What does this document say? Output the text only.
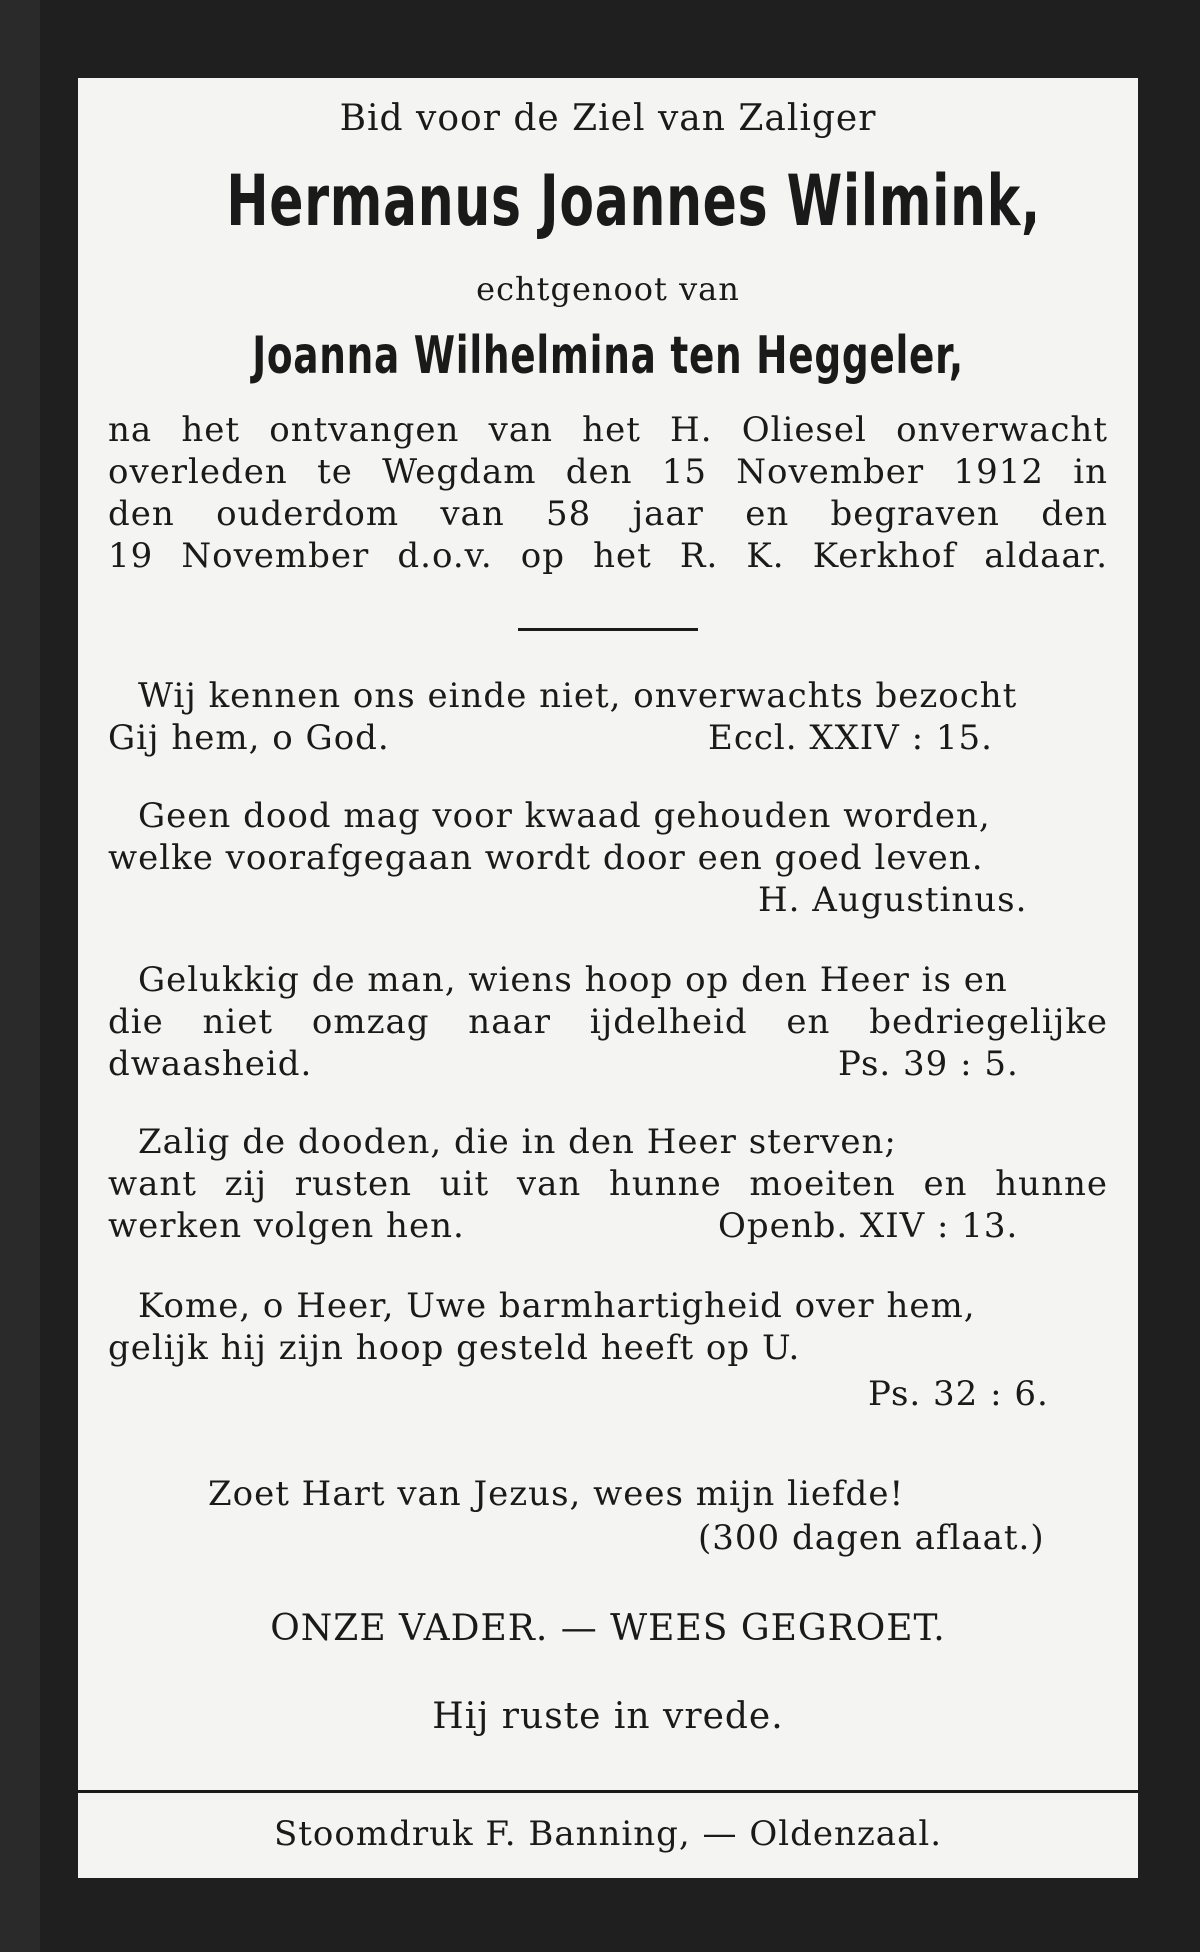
Bid voor de Ziel van Zaliger
Hermanus Joannes Wilmink,
echtgenoot van
Joanna Wilhelmina ten Heggeler,
na het ontvangen van het H. Oliesel onverwacht
overleden te Wegdam den 15 November 1912 in
den ouderdom van 58 jaar en begraven den
19 November d.o.v. op het R. K. Kerkhof aldaar.
Wij kennen ons einde niet, onverwachts bezocht
Gij hem, o God.	Eccl. XXIV : 15.
Geen dood mag voor kwaad gehouden worden,
welke voorafgegaan wordt door een goed leven.
H. Augustinus.
Gelukkig de man, wiens hoop op den Heer is en
die niet omzag naar ijdelheid en bedriegelijke
dwaasheid.	Ps. 39 : 5.
Zalig de dooden, die in den Heer sterven;
want zij rusten uit van hunne moeiten en hunne
werken volgen hen.	Openb. XIV : 13.
Kome, o Heer, Uwe barmhartigheid over hem,
gelijk hij zijn hoop gesteld heeft op U.
Ps. 32 : 6.
Zoet Hart van Jezus, wees mijn liefde!
(300 dagen aflaat.)
ONZE VADER. — WEES GEGROET.
Hij ruste in vrede.
Stoomdruk F. Banning, — Oldenzaal.
